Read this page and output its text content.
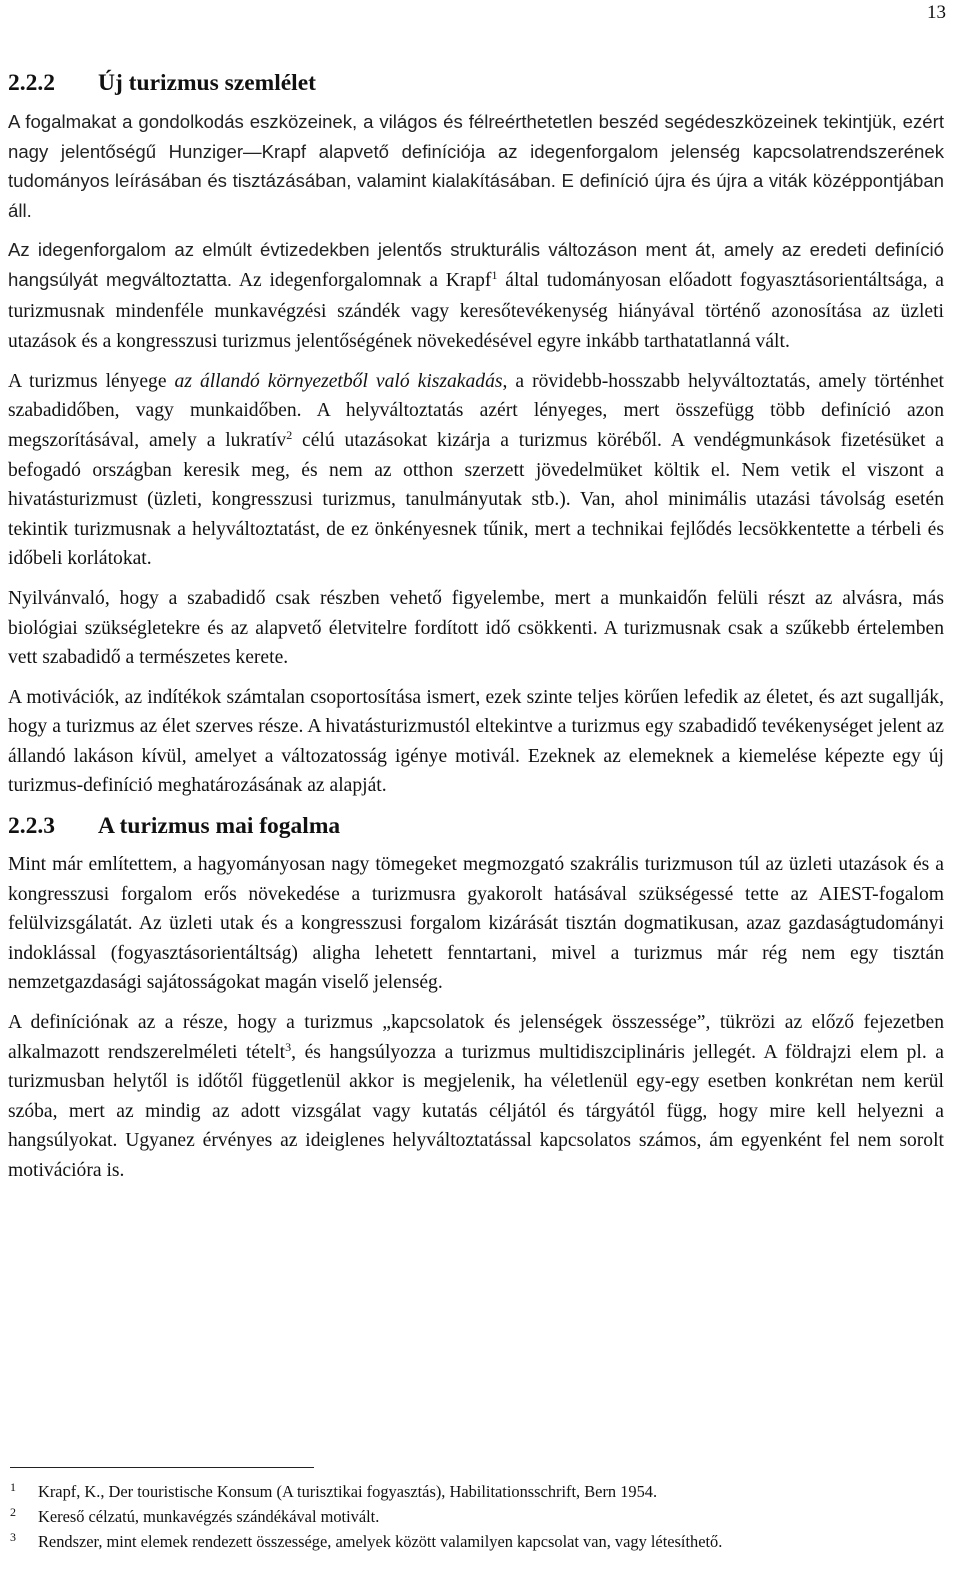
13
2.2.2	Új turizmus szemlélet

A fogalmakat a gondolkodás eszközeinek, a világos és félreérthetetlen beszéd segédeszközeinek tekintjük, ezért nagy jelentőségű Hunziger—Krapf alapvető definíciója az idegenforgalom jelenség kapcsolatrendszerének tudományos leírásában és tisztázásában, valamint kialakításában. E definíció újra és újra a viták középpontjában áll.

Az idegenforgalom az elmúlt évtizedekben jelentős strukturális változáson ment át, amely az eredeti definíció hangsúlyát megváltoztatta. Az idegenforgalomnak a Krapf$^1$ által tudományosan előadott fogyasztásorientáltsága, a turizmusnak mindenféle munkavégzési szándék vagy keresőtevékenység hiányával történő azonosítása az üzleti utazások és a kongresszusi turizmus jelentőségének növekedésével egyre inkább tarthatatlanná vált.

A turizmus lényege az állandó környezetből való kiszakadás, a rövidebb-hosszabb helyváltoztatás, amely történhet szabadidőben, vagy munkaidőben. A helyváltoztatás azért lényeges, mert összefügg több definíció azon megszorításával, amely a lukratív$^2$ célú utazásokat kizárja a turizmus köréből. A vendégmunkások fizetésüket a befogadó országban keresik meg, és nem az otthon szerzett jövedelmüket költik el. Nem vetik el viszont a hivatásturizmust (üzleti, kongresszusi turizmus, tanulmányutak stb.). Van, ahol minimális utazási távolság esetén tekintik turizmusnak a helyváltoztatást, de ez önkényesnek tűnik, mert a technikai fejlődés lecsökkentette a térbeli és időbeli korlátokat.

Nyilvánvaló, hogy a szabadidő csak részben vehető figyelembe, mert a munkaidőn felüli részt az alvásra, más biológiai szükségletekre és az alapvető életvitelre fordított idő csökkenti. A turizmusnak csak a szűkebb értelemben vett szabadidő a természetes kerete.

A motivációk, az indítékok számtalan csoportosítása ismert, ezek szinte teljes körűen lefedik az életet, és azt sugallják, hogy a turizmus az élet szerves része. A hivatásturizmustól eltekintve a turizmus egy szabadidő tevékenységet jelent az állandó lakáson kívül, amelyet a változatosság igénye motivál. Ezeknek az elemeknek a kiemelése képezte egy új turizmus-definíció meghatározásának az alapját.

2.2.3	A turizmus mai fogalma

Mint már említettem, a hagyományosan nagy tömegeket megmozgató szakrális turizmuson túl az üzleti utazások és a kongresszusi forgalom erős növekedése a turizmusra gyakorolt hatásával szükségessé tette az AIEST-fogalom felülvizsgálatát. Az üzleti utak és a kongresszusi forgalom kizárását tisztán dogmatikusan, azaz gazdaságtudományi indoklással (fogyasztásorientáltság) aligha lehetett fenntartani, mivel a turizmus már rég nem egy tisztán nemzetgazdasági sajátosságokat magán viselő jelenség.

A definíciónak az a része, hogy a turizmus „kapcsolatok és jelenségek összessége”, tükrözi az előző fejezetben alkalmazott rendszerelméleti tételt$^3$, és hangsúlyozza a turizmus multidiszciplináris jellegét. A földrajzi elem pl. a turizmusban helytől is időtől függetlenül akkor is megjelenik, ha véletlenül egy-egy esetben konkrétan nem kerül szóba, mert az mindig az adott vizsgálat vagy kutatás céljától és tárgyától függ, hogy mire kell helyezni a hangsúlyokat. Ugyanez érvényes az ideiglenes helyváltoztatással kapcsolatos számos, ám egyenként fel nem sorolt motivációra is.

1	Krapf, K., Der touristische Konsum (A turisztikai fogyasztás), Habilitationsschrift, Bern 1954.
2	Kereső célzatú, munkavégzés szándékával motivált.
3	Rendszer, mint elemek rendezett összessége, amelyek között valamilyen kapcsolat van, vagy létesíthető.
